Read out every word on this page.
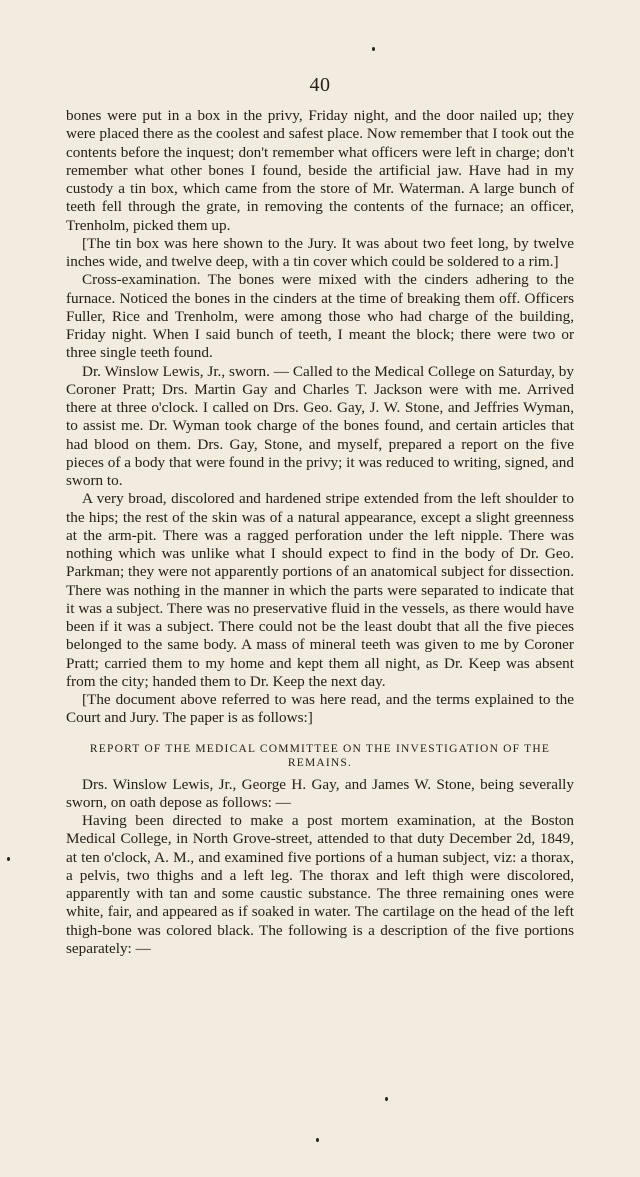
40

bones were put in a box in the privy, Friday night, and the door nailed up; they were placed there as the coolest and safest place. Now remember that I took out the contents before the inquest; don't remember what officers were left in charge; don't remember what other bones I found, beside the artificial jaw. Have had in my custody a tin box, which came from the store of Mr. Waterman. A large bunch of teeth fell through the grate, in removing the contents of the furnace; an officer, Trenholm, picked them up.

[The tin box was here shown to the Jury. It was about two feet long, by twelve inches wide, and twelve deep, with a tin cover which could be soldered to a rim.]

Cross-examination. The bones were mixed with the cinders adhering to the furnace. Noticed the bones in the cinders at the time of breaking them off. Officers Fuller, Rice and Trenholm, were among those who had charge of the building, Friday night. When I said bunch of teeth, I meant the block; there were two or three single teeth found.

Dr. Winslow Lewis, Jr., sworn. — Called to the Medical College on Saturday, by Coroner Pratt; Drs. Martin Gay and Charles T. Jackson were with me. Arrived there at three o'clock. I called on Drs. Geo. Gay, J. W. Stone, and Jeffries Wyman, to assist me. Dr. Wyman took charge of the bones found, and certain articles that had blood on them. Drs. Gay, Stone, and myself, prepared a report on the five pieces of a body that were found in the privy; it was reduced to writing, signed, and sworn to.

A very broad, discolored and hardened stripe extended from the left shoulder to the hips; the rest of the skin was of a natural appearance, except a slight greenness at the arm-pit. There was a ragged perforation under the left nipple. There was nothing which was unlike what I should expect to find in the body of Dr. Geo. Parkman; they were not apparently portions of an anatomical subject for dissection. There was nothing in the manner in which the parts were separated to indicate that it was a subject. There was no preservative fluid in the vessels, as there would have been if it was a subject. There could not be the least doubt that all the five pieces belonged to the same body. A mass of mineral teeth was given to me by Coroner Pratt; carried them to my home and kept them all night, as Dr. Keep was absent from the city; handed them to Dr. Keep the next day.

[The document above referred to was here read, and the terms explained to the Court and Jury. The paper is as follows:]

REPORT OF THE MEDICAL COMMITTEE ON THE INVESTIGATION OF THE REMAINS.

Drs. Winslow Lewis, Jr., George H. Gay, and James W. Stone, being severally sworn, on oath depose as follows: —

Having been directed to make a post mortem examination, at the Boston Medical College, in North Grove-street, attended to that duty December 2d, 1849, at ten o'clock, A. M., and examined five portions of a human subject, viz: a thorax, a pelvis, two thighs and a left leg. The thorax and left thigh were discolored, apparently with tan and some caustic substance. The three remaining ones were white, fair, and appeared as if soaked in water. The cartilage on the head of the left thigh-bone was colored black. The following is a description of the five portions separately: —
